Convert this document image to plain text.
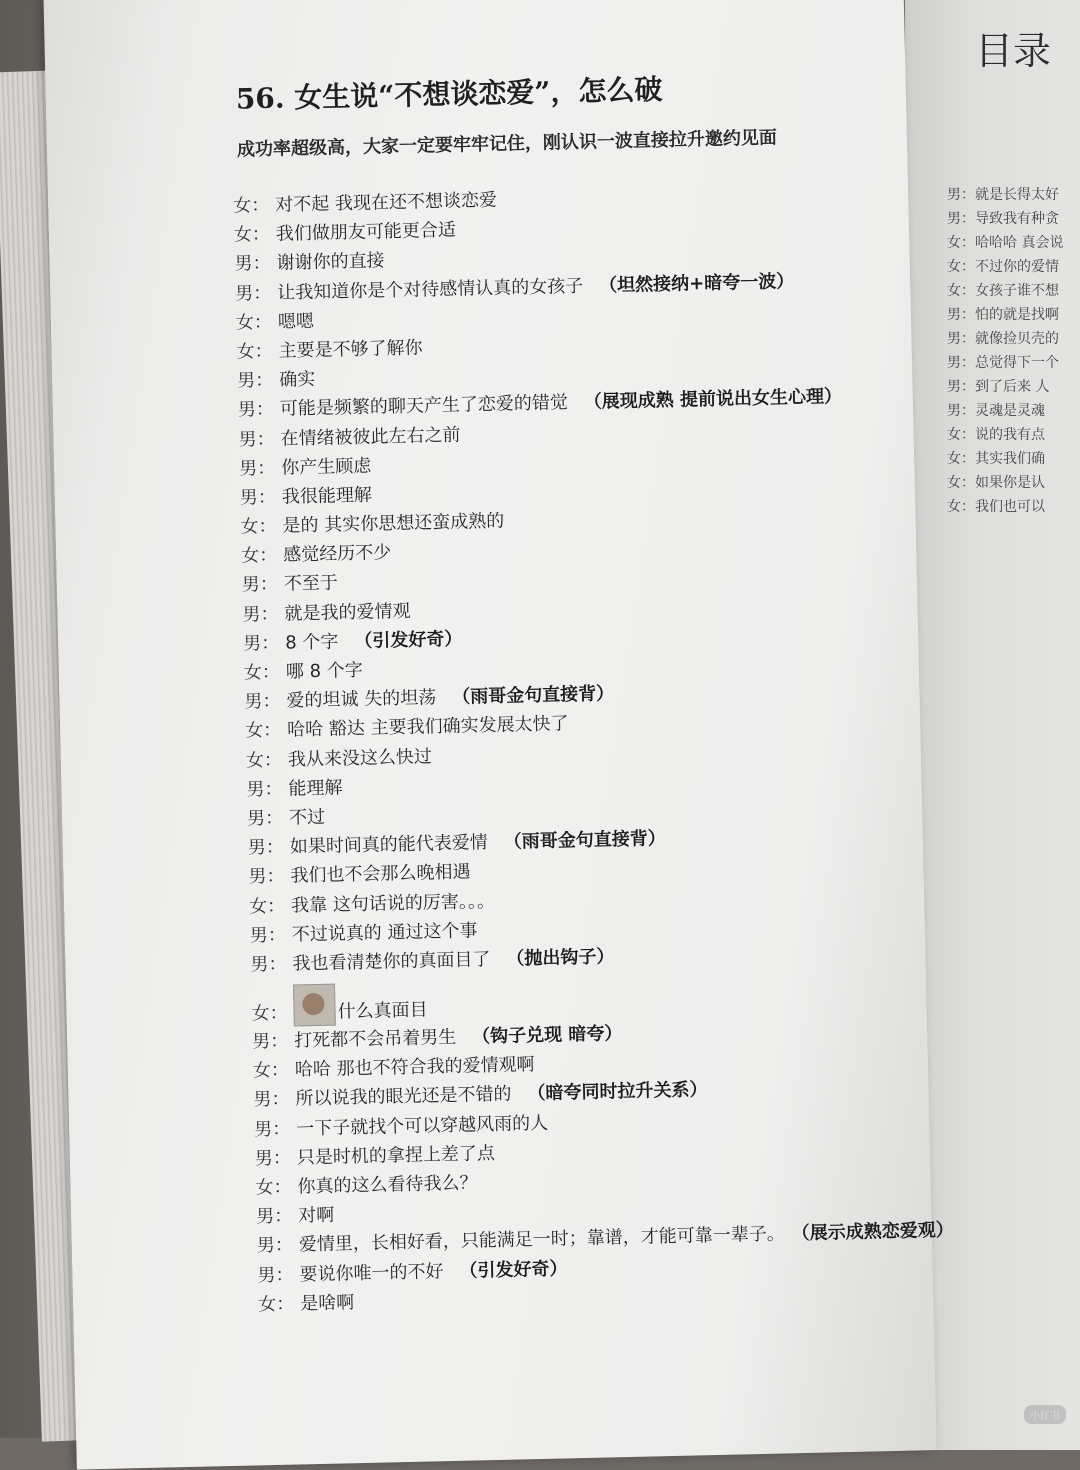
目录
男：就是长得太好
男：导致我有种贪
女：哈哈哈 真会说
女：不过你的爱情
女：女孩子谁不想
男：怕的就是找啊
男：就像捡贝壳的
男：总觉得下一个
男：到了后来 人
男：灵魂是灵魂
女：说的我有点
女：其实我们确
女：如果你是认
女：我们也可以
56. 女生说“不想谈恋爱”，怎么破
成功率超级高，大家一定要牢牢记住，刚认识一波直接拉升邀约见面
女： 对不起 我现在还不想谈恋爱
女： 我们做朋友可能更合适
男： 谢谢你的直接
男： 让我知道你是个对待感情认真的女孩子 （坦然接纳+暗夸一波）
女： 嗯嗯
女： 主要是不够了解你
男： 确实
男： 可能是频繁的聊天产生了恋爱的错觉 （展现成熟 提前说出女生心理）
男： 在情绪被彼此左右之前
男： 你产生顾虑
男： 我很能理解
女： 是的 其实你思想还蛮成熟的
女： 感觉经历不少
男： 不至于
男： 就是我的爱情观
男： 8 个字 （引发好奇）
女： 哪 8 个字
男： 爱的坦诚 失的坦荡 （雨哥金句直接背）
女： 哈哈 豁达 主要我们确实发展太快了
女： 我从来没这么快过
男： 能理解
男： 不过
男： 如果时间真的能代表爱情 （雨哥金句直接背）
男： 我们也不会那么晚相遇
女： 我靠 这句话说的厉害。。。
男： 不过说真的 通过这个事
男： 我也看清楚你的真面目了 （抛出钩子）
女：	什么真面目
男： 打死都不会吊着男生 （钩子兑现 暗夸）
女： 哈哈 那也不符合我的爱情观啊
男： 所以说我的眼光还是不错的 （暗夸同时拉升关系）
男： 一下子就找个可以穿越风雨的人
男： 只是时机的拿捏上差了点
女： 你真的这么看待我么？
男： 对啊
男： 爱情里，长相好看，只能满足一时；靠谱，才能可靠一辈子。 （展示成熟恋爱观）
男： 要说你唯一的不好 （引发好奇）
女： 是啥啊
小红书
